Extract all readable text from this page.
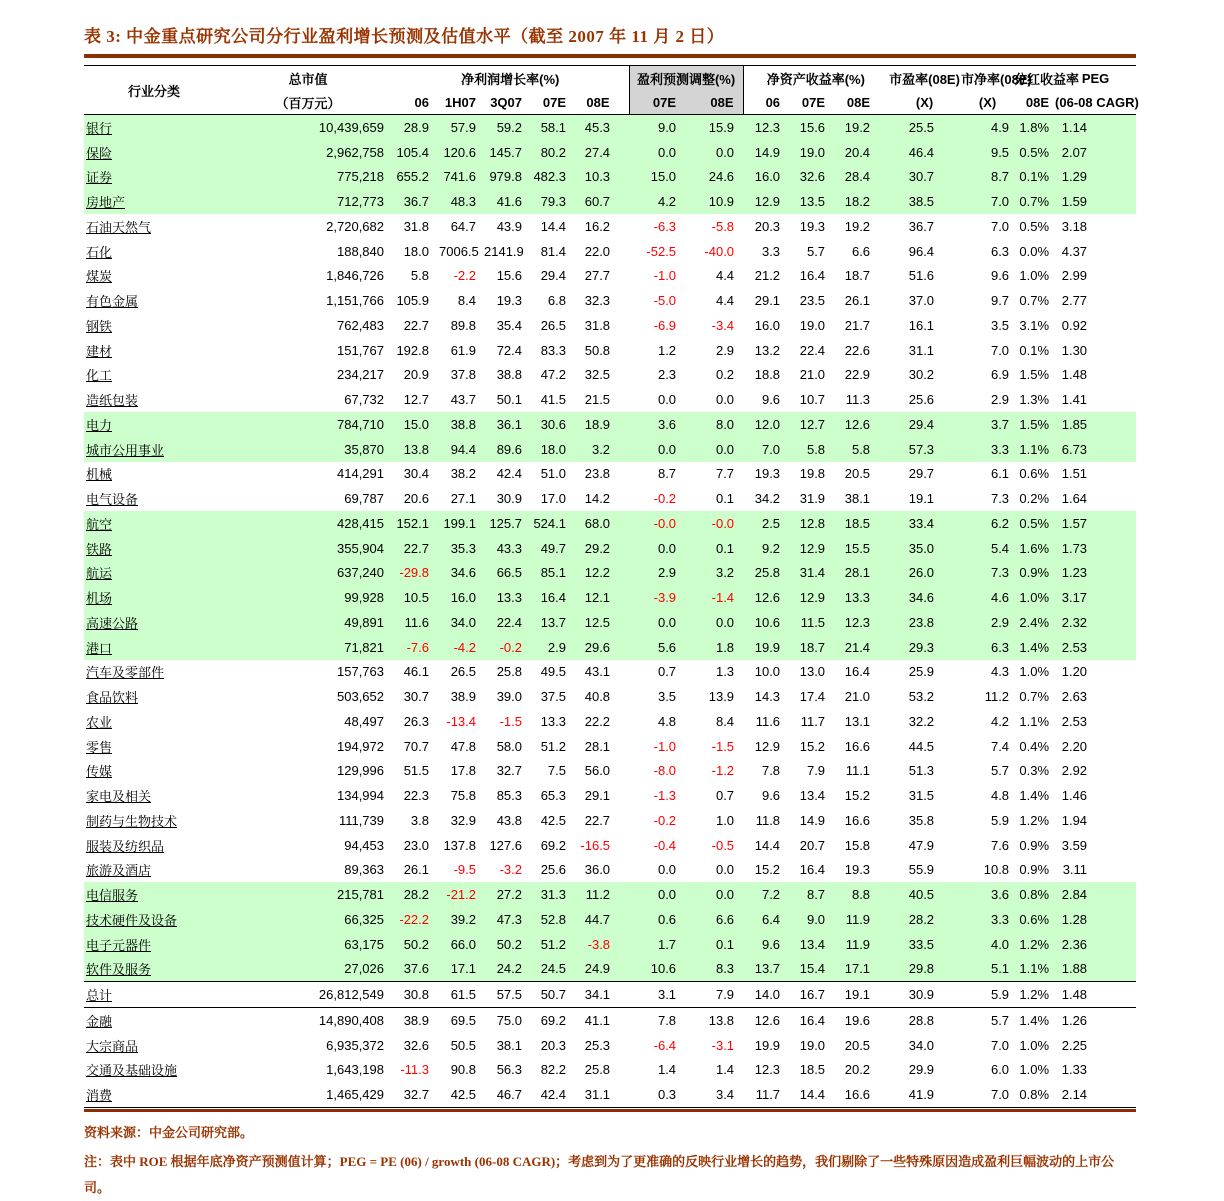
表 3: 中金重点研究公司分行业盈利增长预测及估值水平（截至 2007 年 11 月 2 日）
行业分类	总市值	净利润增长率(%)					盈利预测调整(%)		净资产收益率(%)			市盈率(08E)	市净率(08E)	分红收益率	PEG
	（百万元）	06	1H07	3Q07	07E	08E	07E	08E	06	07E	08E	(X)	(X)	08E	(06-08 CAGR)
银行	10,439,659	28.9	57.9	59.2	58.1	45.3	9.0	15.9	12.3	15.6	19.2	25.5	4.9	1.8%	1.14
保险	2,962,758	105.4	120.6	145.7	80.2	27.4	0.0	0.0	14.9	19.0	20.4	46.4	9.5	0.5%	2.07
证券	775,218	655.2	741.6	979.8	482.3	10.3	15.0	24.6	16.0	32.6	28.4	30.7	8.7	0.1%	1.29
房地产	712,773	36.7	48.3	41.6	79.3	60.7	4.2	10.9	12.9	13.5	18.2	38.5	7.0	0.7%	1.59
石油天然气	2,720,682	31.8	64.7	43.9	14.4	16.2	-6.3	-5.8	20.3	19.3	19.2	36.7	7.0	0.5%	3.18
石化	188,840	18.0	7006.5	2141.9	81.4	22.0	-52.5	-40.0	3.3	5.7	6.6	96.4	6.3	0.0%	4.37
煤炭	1,846,726	5.8	-2.2	15.6	29.4	27.7	-1.0	4.4	21.2	16.4	18.7	51.6	9.6	1.0%	2.99
有色金属	1,151,766	105.9	8.4	19.3	6.8	32.3	-5.0	4.4	29.1	23.5	26.1	37.0	9.7	0.7%	2.77
钢铁	762,483	22.7	89.8	35.4	26.5	31.8	-6.9	-3.4	16.0	19.0	21.7	16.1	3.5	3.1%	0.92
建材	151,767	192.8	61.9	72.4	83.3	50.8	1.2	2.9	13.2	22.4	22.6	31.1	7.0	0.1%	1.30
化工	234,217	20.9	37.8	38.8	47.2	32.5	2.3	0.2	18.8	21.0	22.9	30.2	6.9	1.5%	1.48
造纸包装	67,732	12.7	43.7	50.1	41.5	21.5	0.0	0.0	9.6	10.7	11.3	25.6	2.9	1.3%	1.41
电力	784,710	15.0	38.8	36.1	30.6	18.9	3.6	8.0	12.0	12.7	12.6	29.4	3.7	1.5%	1.85
城市公用事业	35,870	13.8	94.4	89.6	18.0	3.2	0.0	0.0	7.0	5.8	5.8	57.3	3.3	1.1%	6.73
机械	414,291	30.4	38.2	42.4	51.0	23.8	8.7	7.7	19.3	19.8	20.5	29.7	6.1	0.6%	1.51
电气设备	69,787	20.6	27.1	30.9	17.0	14.2	-0.2	0.1	34.2	31.9	38.1	19.1	7.3	0.2%	1.64
航空	428,415	152.1	199.1	125.7	524.1	68.0	-0.0	-0.0	2.5	12.8	18.5	33.4	6.2	0.5%	1.57
铁路	355,904	22.7	35.3	43.3	49.7	29.2	0.0	0.1	9.2	12.9	15.5	35.0	5.4	1.6%	1.73
航运	637,240	-29.8	34.6	66.5	85.1	12.2	2.9	3.2	25.8	31.4	28.1	26.0	7.3	0.9%	1.23
机场	99,928	10.5	16.0	13.3	16.4	12.1	-3.9	-1.4	12.6	12.9	13.3	34.6	4.6	1.0%	3.17
高速公路	49,891	11.6	34.0	22.4	13.7	12.5	0.0	0.0	10.6	11.5	12.3	23.8	2.9	2.4%	2.32
港口	71,821	-7.6	-4.2	-0.2	2.9	29.6	5.6	1.8	19.9	18.7	21.4	29.3	6.3	1.4%	2.53
汽车及零部件	157,763	46.1	26.5	25.8	49.5	43.1	0.7	1.3	10.0	13.0	16.4	25.9	4.3	1.0%	1.20
食品饮料	503,652	30.7	38.9	39.0	37.5	40.8	3.5	13.9	14.3	17.4	21.0	53.2	11.2	0.7%	2.63
农业	48,497	26.3	-13.4	-1.5	13.3	22.2	4.8	8.4	11.6	11.7	13.1	32.2	4.2	1.1%	2.53
零售	194,972	70.7	47.8	58.0	51.2	28.1	-1.0	-1.5	12.9	15.2	16.6	44.5	7.4	0.4%	2.20
传媒	129,996	51.5	17.8	32.7	7.5	56.0	-8.0	-1.2	7.8	7.9	11.1	51.3	5.7	0.3%	2.92
家电及相关	134,994	22.3	75.8	85.3	65.3	29.1	-1.3	0.7	9.6	13.4	15.2	31.5	4.8	1.4%	1.46
制药与生物技术	111,739	3.8	32.9	43.8	42.5	22.7	-0.2	1.0	11.8	14.9	16.6	35.8	5.9	1.2%	1.94
服装及纺织品	94,453	23.0	137.8	127.6	69.2	-16.5	-0.4	-0.5	14.4	20.7	15.8	47.9	7.6	0.9%	3.59
旅游及酒店	89,363	26.1	-9.5	-3.2	25.6	36.0	0.0	0.0	15.2	16.4	19.3	55.9	10.8	0.9%	3.11
电信服务	215,781	28.2	-21.2	27.2	31.3	11.2	0.0	0.0	7.2	8.7	8.8	40.5	3.6	0.8%	2.84
技术硬件及设备	66,325	-22.2	39.2	47.3	52.8	44.7	0.6	6.6	6.4	9.0	11.9	28.2	3.3	0.6%	1.28
电子元器件	63,175	50.2	66.0	50.2	51.2	-3.8	1.7	0.1	9.6	13.4	11.9	33.5	4.0	1.2%	2.36
软件及服务	27,026	37.6	17.1	24.2	24.5	24.9	10.6	8.3	13.7	15.4	17.1	29.8	5.1	1.1%	1.88
总计	26,812,549	30.8	61.5	57.5	50.7	34.1	3.1	7.9	14.0	16.7	19.1	30.9	5.9	1.2%	1.48
金融	14,890,408	38.9	69.5	75.0	69.2	41.1	7.8	13.8	12.6	16.4	19.6	28.8	5.7	1.4%	1.26
大宗商品	6,935,372	32.6	50.5	38.1	20.3	25.3	-6.4	-3.1	19.9	19.0	20.5	34.0	7.0	1.0%	2.25
交通及基础设施	1,643,198	-11.3	90.8	56.3	82.2	25.8	1.4	1.4	12.3	18.5	20.2	29.9	6.0	1.0%	1.33
消费	1,465,429	32.7	42.5	46.7	42.4	31.1	0.3	3.4	11.7	14.4	16.6	41.9	7.0	0.8%	2.14
资料来源：中金公司研究部。
注：表中 ROE 根据年底净资产预测值计算；PEG = PE (06) / growth (06-08 CAGR)；考虑到为了更准确的反映行业增长的趋势，我们剔除了一些特殊原因造成盈利巨幅波动的上市公司。
